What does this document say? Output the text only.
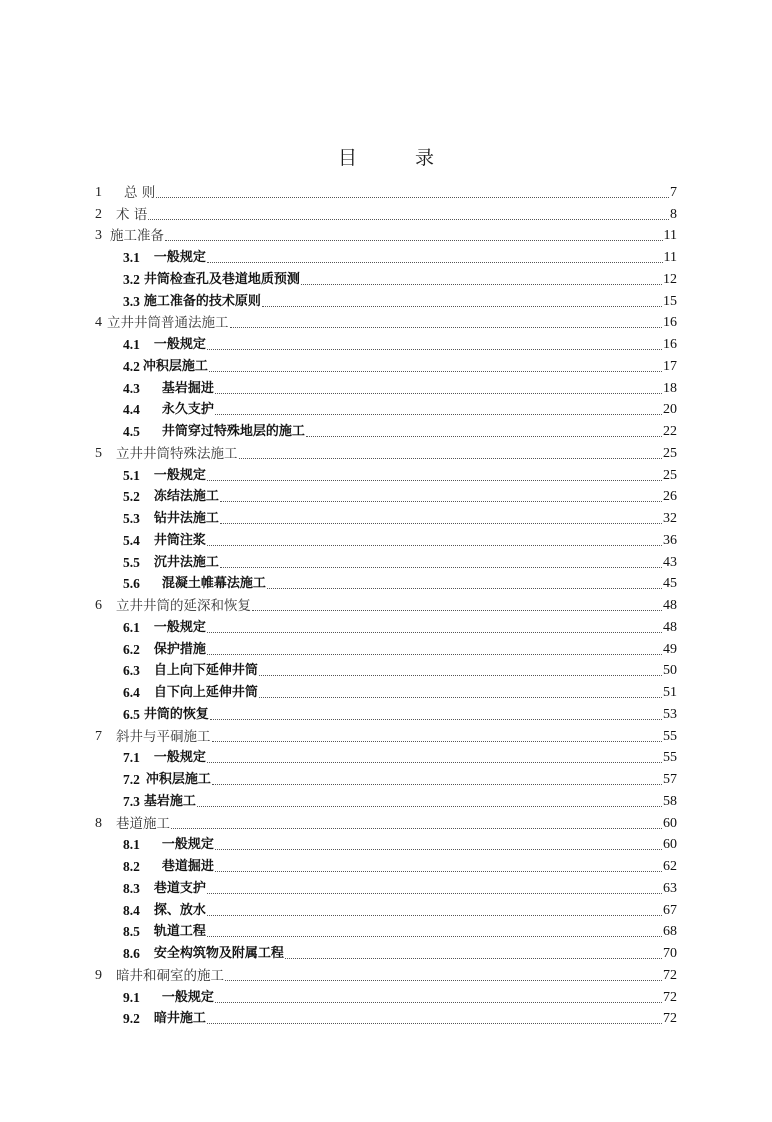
目	录
1 总 则	7
2 术 语	8
3 施工准备	11
3.1 一般规定	11
3.2 井筒检查孔及巷道地质预测	12
3.3 施工准备的技术原则	15
4 立井井筒普通法施工	16
4.1 一般规定	16
4.2 冲积层施工	17
4.3 基岩掘进	18
4.4 永久支护	20
4.5 井筒穿过特殊地层的施工	22
5 立井井筒特殊法施工	25
5.1 一般规定	25
5.2 冻结法施工	26
5.3 钻井法施工	32
5.4 井筒注浆	36
5.5 沉井法施工	43
5.6 混凝土帷幕法施工	45
6 立井井筒的延深和恢复	48
6.1 一般规定	48
6.2 保护措施	49
6.3 自上向下延伸井筒	50
6.4 自下向上延伸井筒	51
6.5 井筒的恢复	53
7 斜井与平硐施工	55
7.1 一般规定	55
7.2 冲积层施工	57
7.3 基岩施工	58
8 巷道施工	60
8.1 一般规定	60
8.2 巷道掘进	62
8.3 巷道支护	63
8.4 探、放水	67
8.5 轨道工程	68
8.6 安全构筑物及附属工程	70
9 暗井和硐室的施工	72
9.1 一般规定	72
9.2 暗井施工	72
